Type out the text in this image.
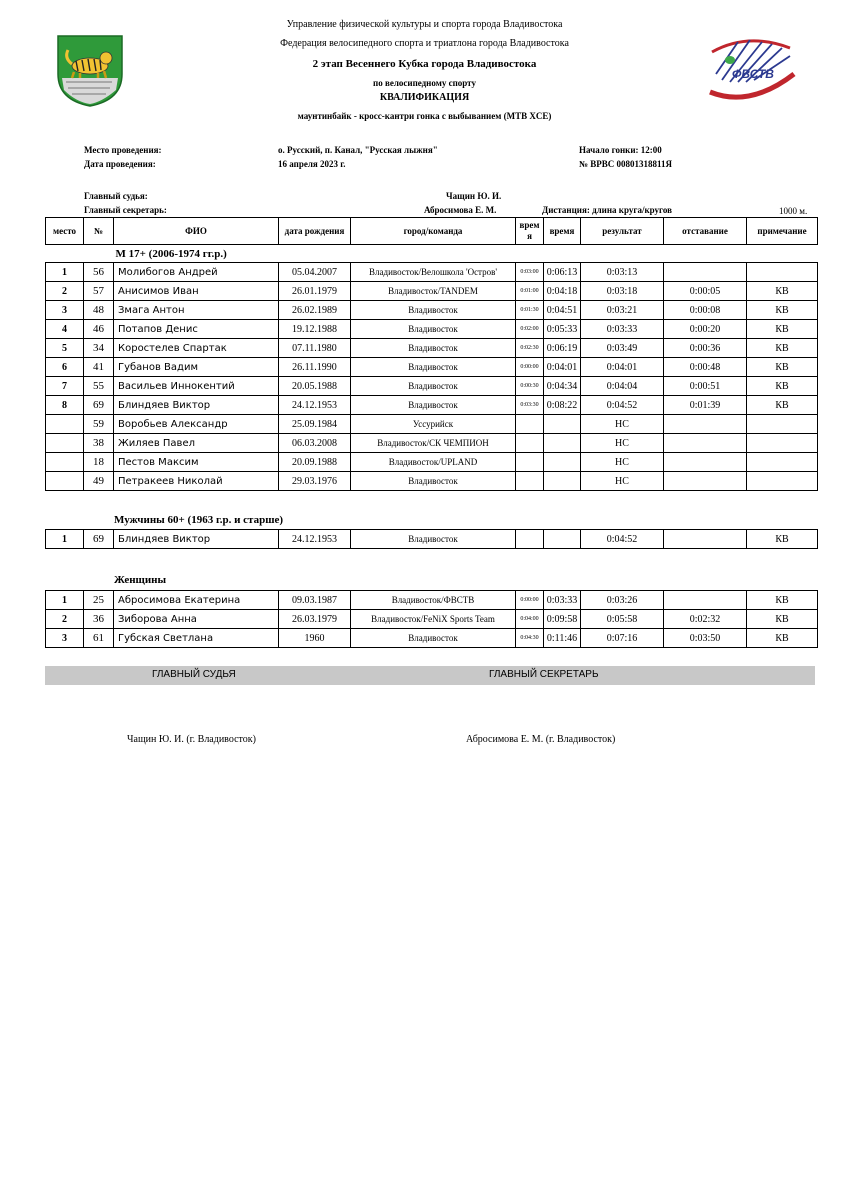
Управление физической культуры и спорта города Владивостока
Федерация велосипедного спорта и триатлона города Владивостока
2 этап Весеннего Кубка города Владивостока
по велосипедному спорту
КВАЛИФИКАЦИЯ
маунтинбайк - кросс-кантри гонка с выбыванием (МТВ XCE)
ФВСТВ
Место проведения:	о. Русский, п. Канал, "Русская лыжня"	Начало гонки: 12:00
Дата проведения:	16 апреля 2023 г.	№ ВРВС 00801318811Я
Главный судья:	Чащин Ю. И.
Главный секретарь:	Абросимова Е. М.	Дистанция: длина круга/кругов	1000 м.
место	№	ФИО	дата рождения	город/команда	врем я	время	результат	отставание	примечание
		М 17+ (2006-1974 гг.р.)							
1	56	Молибогов Андрей	05.04.2007	Владивосток/Велошкола 'Остров'	0:03:00	0:06:13	0:03:13		
2	57	Анисимов Иван	26.01.1979	Владивосток/TANDEM	0:01:00	0:04:18	0:03:18	0:00:05	КВ
3	48	Змага Антон	26.02.1989	Владивосток	0:01:30	0:04:51	0:03:21	0:00:08	КВ
4	46	Потапов Денис	19.12.1988	Владивосток	0:02:00	0:05:33	0:03:33	0:00:20	КВ
5	34	Коростелев Спартак	07.11.1980	Владивосток	0:02:30	0:06:19	0:03:49	0:00:36	КВ
6	41	Губанов Вадим	26.11.1990	Владивосток	0:00:00	0:04:01	0:04:01	0:00:48	КВ
7	55	Васильев Иннокентий	20.05.1988	Владивосток	0:00:30	0:04:34	0:04:04	0:00:51	КВ
8	69	Блиндяев Виктор	24.12.1953	Владивосток	0:03:30	0:08:22	0:04:52	0:01:39	КВ
	59	Воробьев Александр	25.09.1984	Уссурийск			НС		
	38	Жиляев Павел	06.03.2008	Владивосток/СК ЧЕМПИОН			НС		
	18	Пестов Максим	20.09.1988	Владивосток/UPLAND			НС		
	49	Петракеев Николай	29.03.1976	Владивосток			НС		
Мужчины 60+ (1963 г.р. и старше)
1	69	Блиндяев Виктор	24.12.1953	Владивосток			0:04:52		КВ
Женщины
1	25	Абросимова Екатерина	09.03.1987	Владивосток/ФВСТВ	0:00:00	0:03:33	0:03:26		КВ
2	36	Зиборова Анна	26.03.1979	Владивосток/FeNiX Sports Team	0:04:00	0:09:58	0:05:58	0:02:32	КВ
3	61	Губская Светлана	1960	Владивосток	0:04:30	0:11:46	0:07:16	0:03:50	КВ
ГЛАВНЫЙ СУДЬЯ	ГЛАВНЫЙ СЕКРЕТАРЬ
Чащин Ю. И. (г. Владивосток)	Абросимова Е. М. (г. Владивосток)
